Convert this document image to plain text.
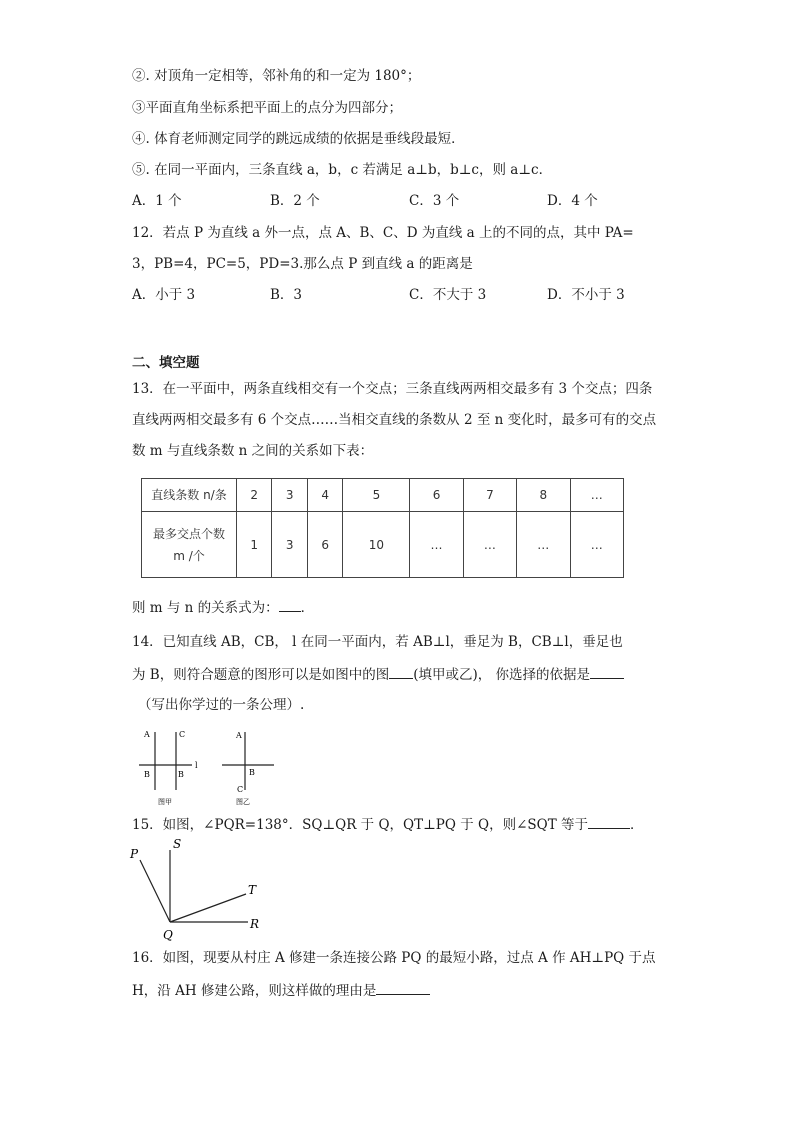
②. 对顶角一定相等，邻补角的和一定为 180°；
③平面直角坐标系把平面上的点分为四部分；
④. 体育老师测定同学的跳远成绩的依据是垂线段最短．
⑤. 在同一平面内，三条直线 a，b，c 若满足 a⊥b，b⊥c，则 a⊥c．
A．1 个	B．2 个	C．3 个	D．4 个
12．若点 P 为直线 a 外一点，点 A、B、C、D 为直线 a 上的不同的点，其中 PA=
3，PB=4，PC=5，PD=3.那么点 P 到直线 a 的距离是
A．小于 3	B．3	C．不大于 3	D．不小于 3
二、填空题
13．在一平面中，两条直线相交有一个交点；三条直线两两相交最多有 3 个交点；四条
直线两两相交最多有 6 个交点……当相交直线的条数从 2 至 n 变化时，最多可有的交点
数 m 与直线条数 n 之间的关系如下表：
直线条数 n/条	2	3	4	5	6	7	8	…

最多交点个数
m /个	1	3	6	10	…	…	…	…
则 m 与 n 的关系式为： ．
14．已知直线 AB，CB， l 在同一平面内，若 AB⊥l，垂足为 B，CB⊥l，垂足也
为 B，则符合题意的图形可以是如图中的图 (填甲或乙)， 你选择的依据是
（写出你学过的一条公理）.
A	C
B	B
l
图甲
A
B
C
图乙
15．如图，∠PQR=138°．SQ⊥QR 于 Q，QT⊥PQ 于 Q，则∠SQT 等于	．
P
S
T
R
Q
16．如图，现要从村庄 A 修建一条连接公路 PQ 的最短小路，过点 A 作 AH⊥PQ 于点
H，沿 AH 修建公路，则这样做的理由是
